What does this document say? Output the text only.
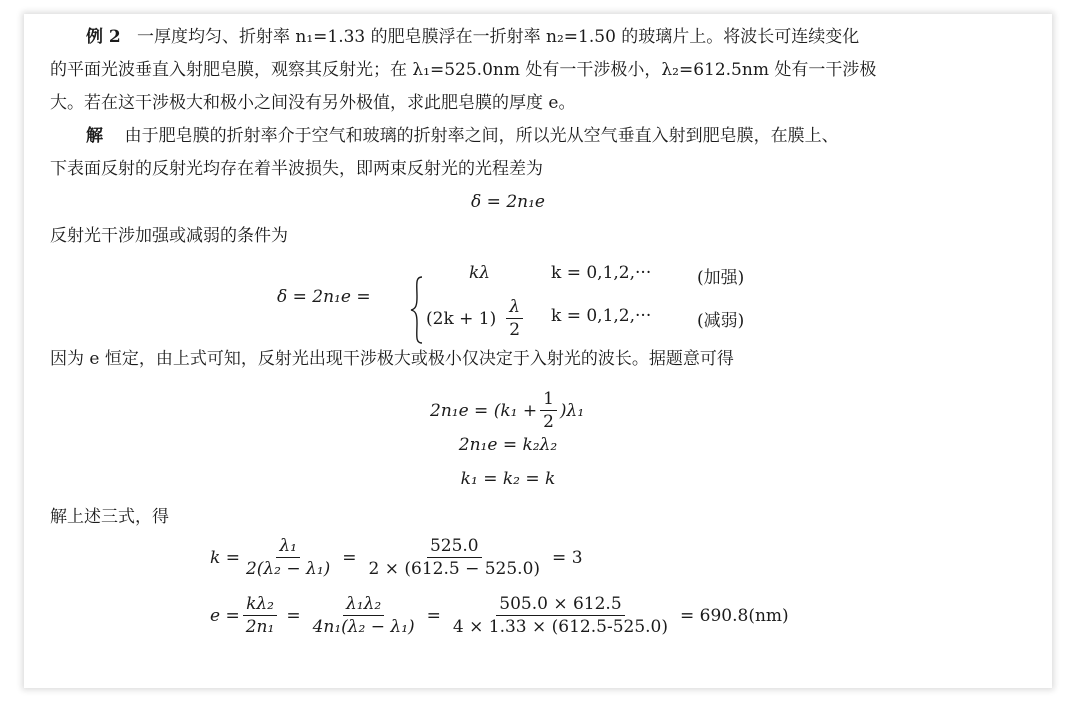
例 2 一厚度均匀、折射率 n₁=1.33 的肥皂膜浮在一折射率 n₂=1.50 的玻璃片上。将波长可连续变化
的平面光波垂直入射肥皂膜，观察其反射光；在 λ₁=525.0nm 处有一干涉极小，λ₂=612.5nm 处有一干涉极
大。若在这干涉极大和极小之间没有另外极值，求此肥皂膜的厚度 e。
解 由于肥皂膜的折射率介于空气和玻璃的折射率之间，所以光从空气垂直入射到肥皂膜，在膜上、
下表面反射的反射光均存在着半波损失，即两束反射光的光程差为
δ = 2n₁e
反射光干涉加强或减弱的条件为
δ = 2n₁e =
kλ	k = 0,1,2,···	(加强)
$(2k + 1) \frac{\lambda}{2}$ k = 0,1,2,···	(减弱)
因为 e 恒定，由上式可知，反射光出现干涉极大或极小仅决定于入射光的波长。据题意可得
$2n_1e = (k_1 + \frac{1}{2} )\lambda_1$
2n₁e = k₂λ₂
k₁ = k₂ = k
解上述三式，得
$k = \frac{\text{λ₁}}{\text{2(λ₂ − λ₁)}} = \frac{525.0}{2 \times (612.5 - 525.0)} = 3$
$e = \frac{\text{kλ₂}}{\text{2n₁}} = \frac{\text{λ₁λ₂}}{\text{4n₁(λ₂ − λ₁)}} = \frac{505.0 \times 612.5}{4 \times 1.33 \times (612.5-525.0)} = 690.8(nm)$
